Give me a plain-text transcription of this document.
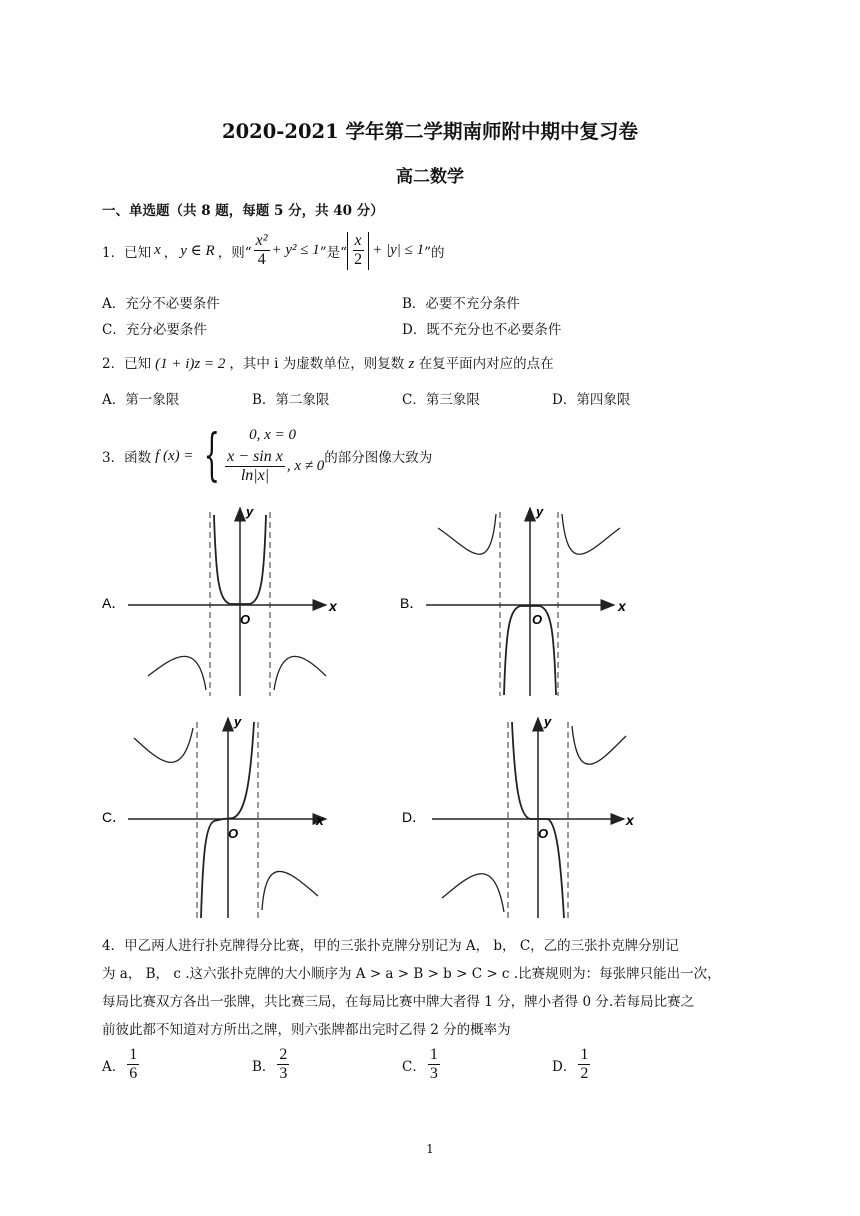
2020-2021 学年第二学期南师附中期中复习卷
高二数学
一、单选题（共 8 题，每题 5 分，共 40 分）
1．已知 x ， y ∈ R ，则“ $\frac{\text{x²}}{4} + y^2 \le 1$ ”是“ $\frac{x}{2} + |y| \le 1$ ”的
A．充分不必要条件	B．必要不充分条件
C．充分必要条件	D．既不充分也不必要条件
2．已知 (1 + i)z = 2 ，其中 i 为虚数单位，则复数 z 在复平面内对应的点在
A．第一象限	B．第二象限	C．第三象限	D．第四象限
3．函数 f (x) = { 0, x = 0
$\frac{\text{x − sin x}}{\ln|x|}$ , x ≠ 0 的部分图像大致为
A．	x
y
O
B．	x
y
O
C．	x
y
O
D．	x
y
O
4．甲乙两人进行扑克牌得分比赛，甲的三张扑克牌分别记为 A， b， C，乙的三张扑克牌分别记
为 a， B， c .这六张扑克牌的大小顺序为 A > a > B > b > C > c .比赛规则为：每张牌只能出一次，
每局比赛双方各出一张牌，共比赛三局，在每局比赛中牌大者得 1 分，牌小者得 0 分.若每局比赛之
前彼此都不知道对方所出之牌，则六张牌都出完时乙得 2 分的概率为
A． $\frac{1}{6}$	B． $\frac{2}{3}$	C． $\frac{1}{3}$	D． $\frac{1}{2}$
1
